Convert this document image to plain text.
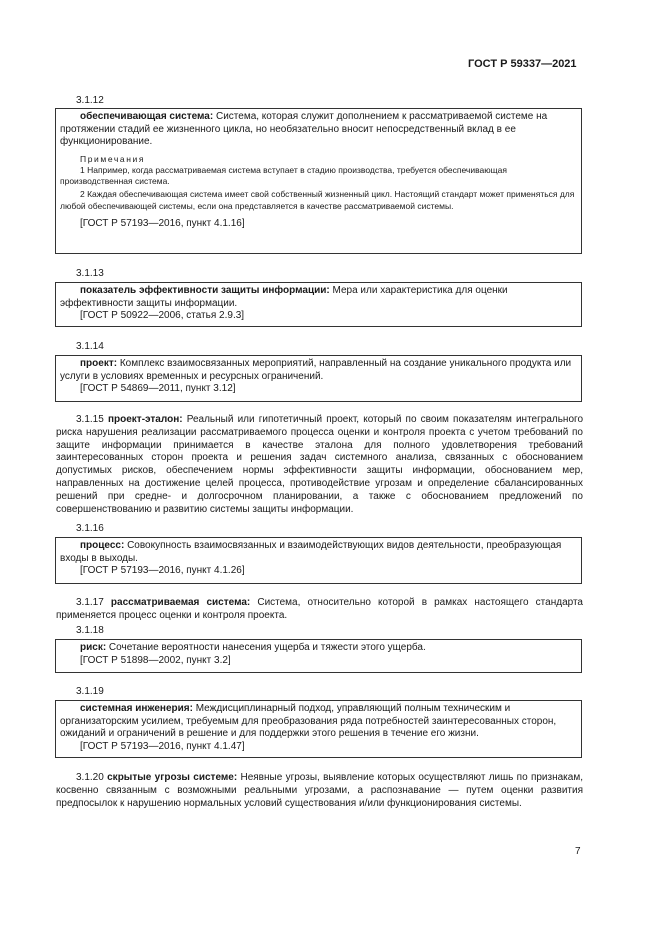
ГОСТ Р 59337—2021
3.1.12

обеспечивающая система: Система, которая служит дополнением к рассматриваемой системе на протяжении стадий ее жизненного цикла, но необязательно вносит непосредственный вклад в ее функционирование.

Примечания

1 Например, когда рассматриваемая система вступает в стадию производства, требуется обеспечивающая производственная система.

2 Каждая обеспечивающая система имеет свой собственный жизненный цикл. Настоящий стандарт может применяться для любой обеспечивающей системы, если она представляется в качестве рассматриваемой системы.

[ГОСТ Р 57193—2016, пункт 4.1.16]

3.1.13

показатель эффективности защиты информации: Мера или характеристика для оценки эффективности защиты информации.

[ГОСТ Р 50922—2006, статья 2.9.3]

3.1.14

проект: Комплекс взаимосвязанных мероприятий, направленный на создание уникального продукта или услуги в условиях временных и ресурсных ограничений.

[ГОСТ Р 54869—2011, пункт 3.12]

3.1.15 проект-эталон: Реальный или гипотетичный проект, который по своим показателям интегрального риска нарушения реализации рассматриваемого процесса оценки и контроля проекта с учетом требований по защите информации принимается в качестве эталона для полного удовлетворения требований заинтересованных сторон проекта и решения задач системного анализа, связанных с обоснованием допустимых рисков, обеспечением нормы эффективности защиты информации, обоснованием мер, направленных на достижение целей процесса, противодействие угрозам и определение сбалансированных решений при средне- и долгосрочном планировании, а также с обоснованием предложений по совершенствованию и развитию системы защиты информации.

3.1.16

процесс: Совокупность взаимосвязанных и взаимодействующих видов деятельности, преобразующая входы в выходы.

[ГОСТ Р 57193—2016, пункт 4.1.26]

3.1.17 рассматриваемая система: Система, относительно которой в рамках настоящего стандарта применяется процесс оценки и контроля проекта.

3.1.18

риск: Сочетание вероятности нанесения ущерба и тяжести этого ущерба.

[ГОСТ Р 51898—2002, пункт 3.2]

3.1.19

системная инженерия: Междисциплинарный подход, управляющий полным техническим и организаторским усилием, требуемым для преобразования ряда потребностей заинтересованных сторон, ожиданий и ограничений в решение и для поддержки этого решения в течение его жизни.

[ГОСТ Р 57193—2016, пункт 4.1.47]

3.1.20 скрытые угрозы системе: Неявные угрозы, выявление которых осуществляют лишь по признакам, косвенно связанным с возможными реальными угрозами, а распознавание — путем оценки развития предпосылок к нарушению нормальных условий существования и/или функционирования системы.

7
